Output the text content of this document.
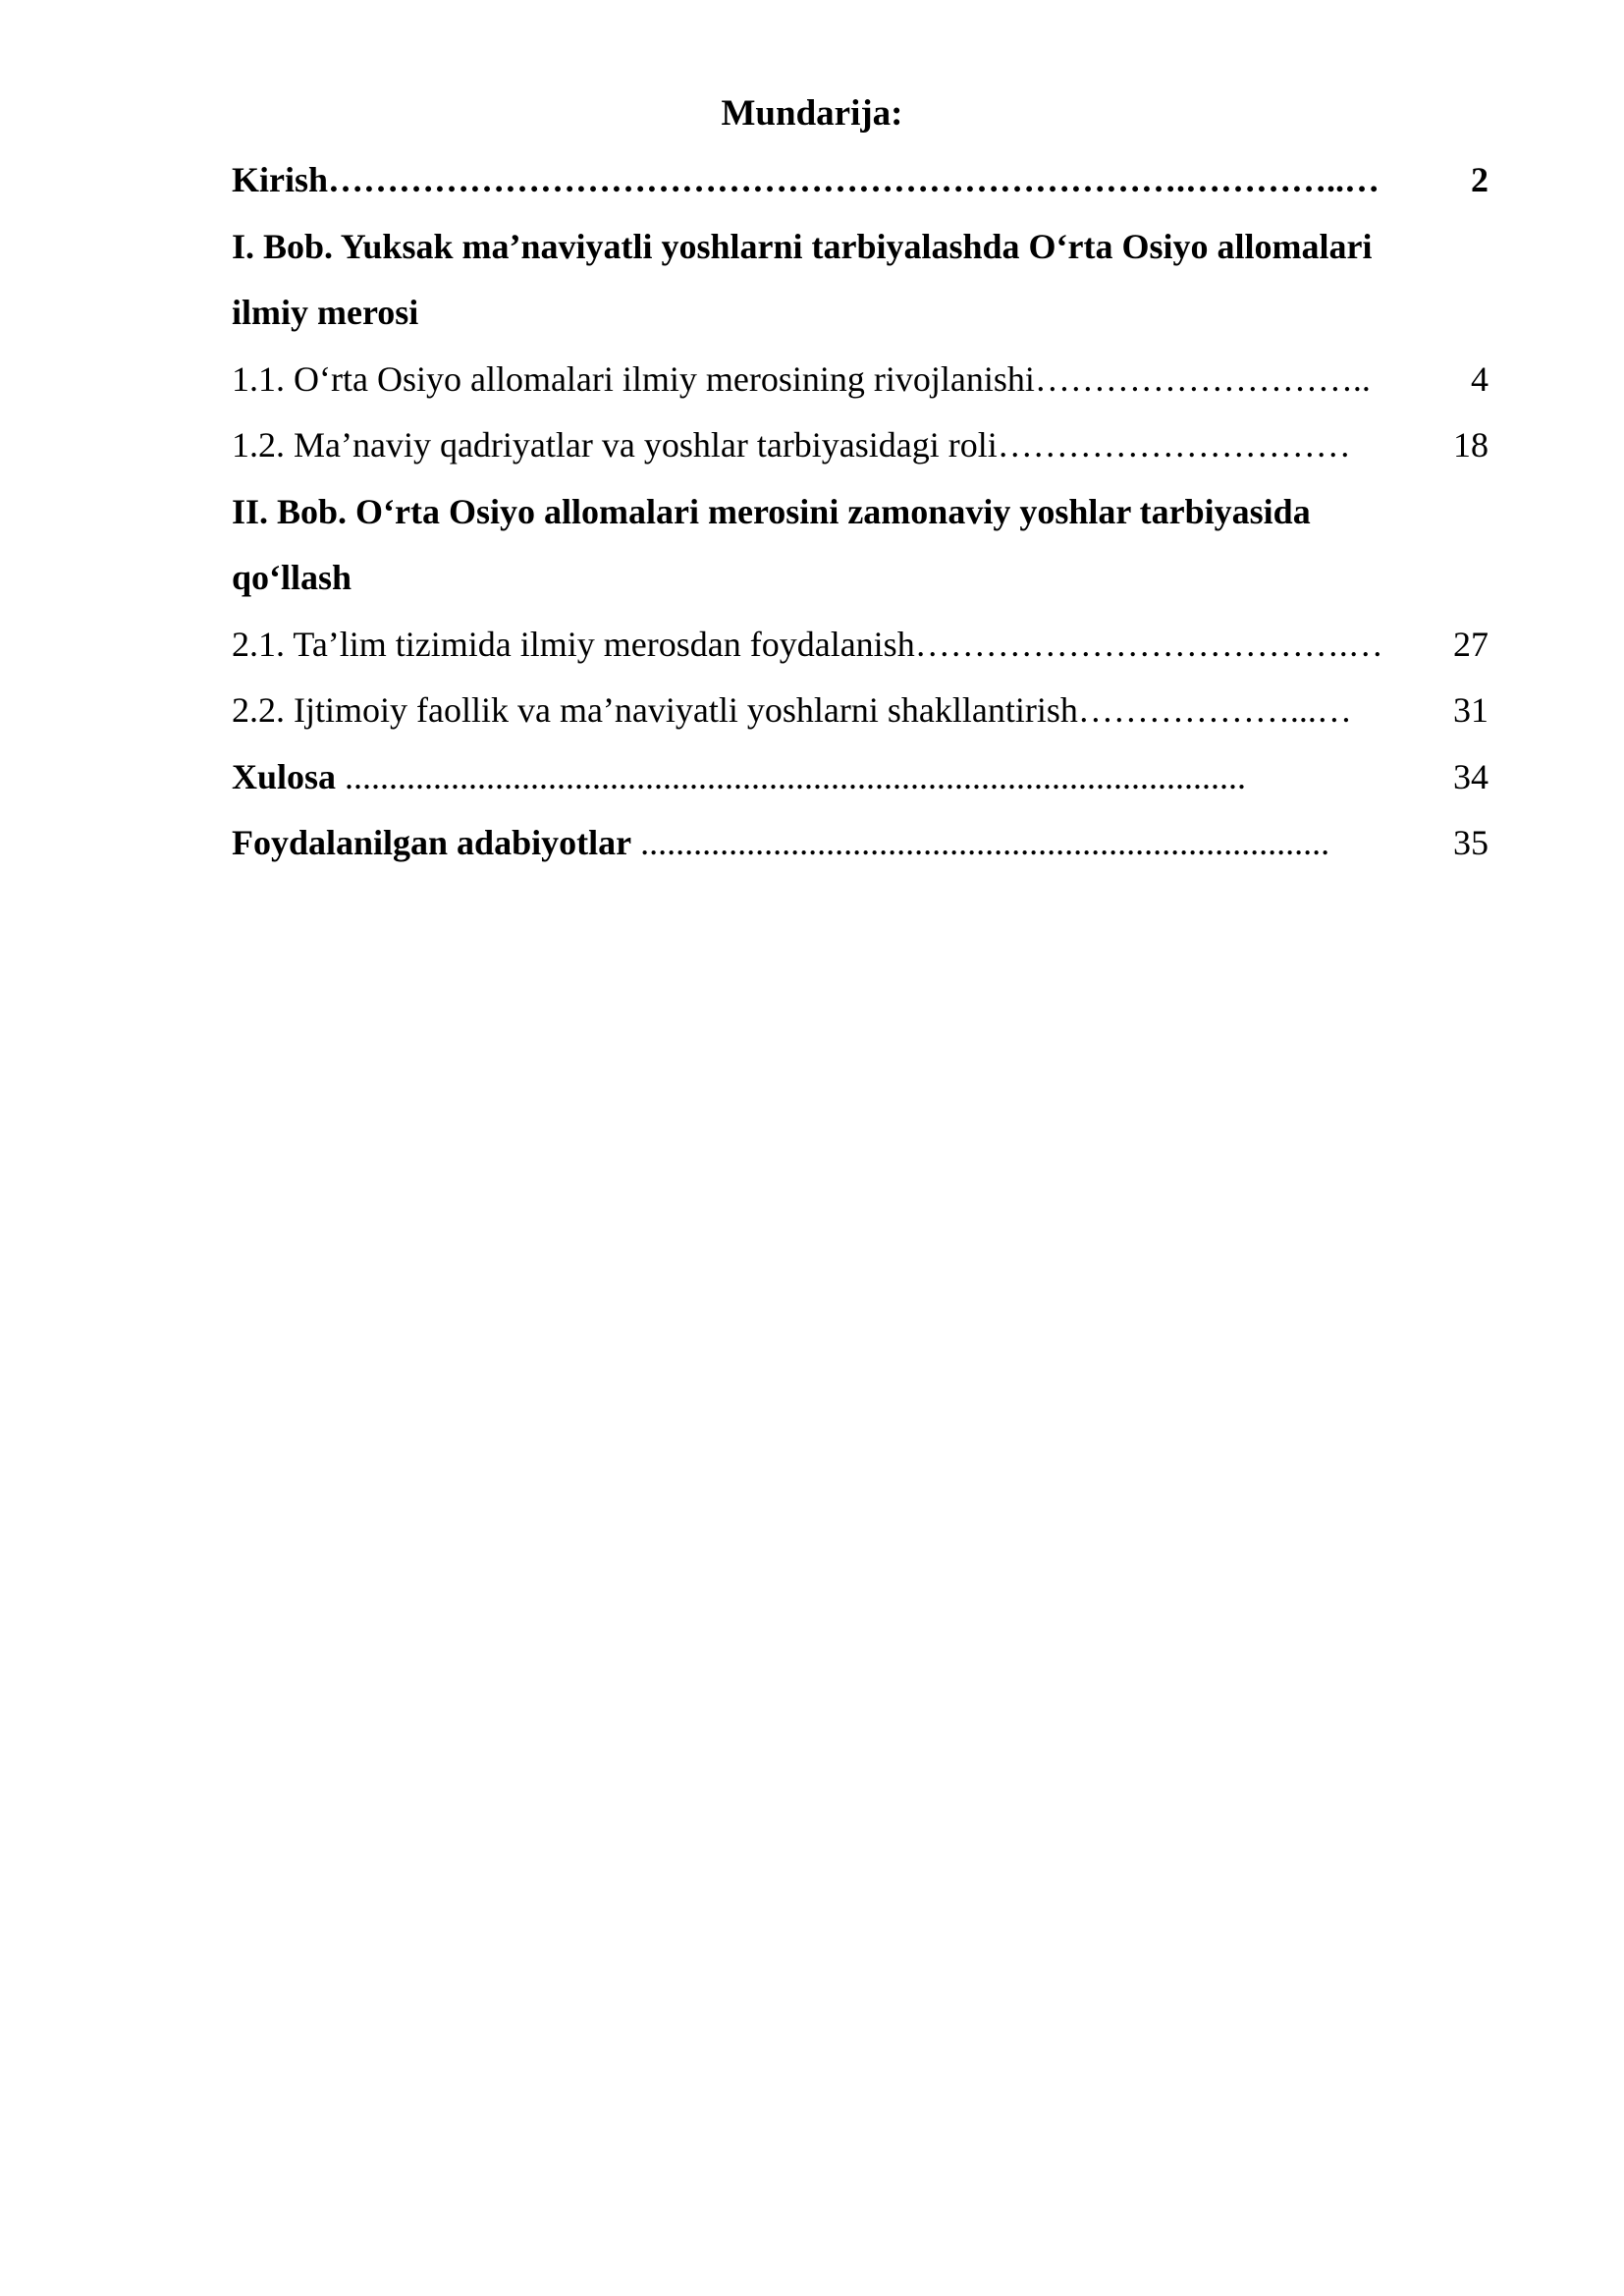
Mundarija:
Kirish……………………………………………………………….…………..…	2
I. Bob. Yuksak ma’naviyatli yoshlarni tarbiyalashda O‘rta Osiyo allomalari
ilmiy merosi
1.1. O‘rta Osiyo allomalari ilmiy merosining rivojlanishi………………………..	4
1.2. Ma’naviy qadriyatlar va yoshlar tarbiyasidagi roli…………………………	18
II. Bob. O‘rta Osiyo allomalari merosini zamonaviy yoshlar tarbiyasida
qo‘llash
2.1. Ta’lim tizimida ilmiy merosdan foydalanish……………………………….… 27
2.2. Ijtimoiy faollik va ma’naviyatli yoshlarni shakllantirish………………...…	31
Xulosa ......................................................................................................	34
Foydalanilgan adabiyotlar ..............................................................................	35
